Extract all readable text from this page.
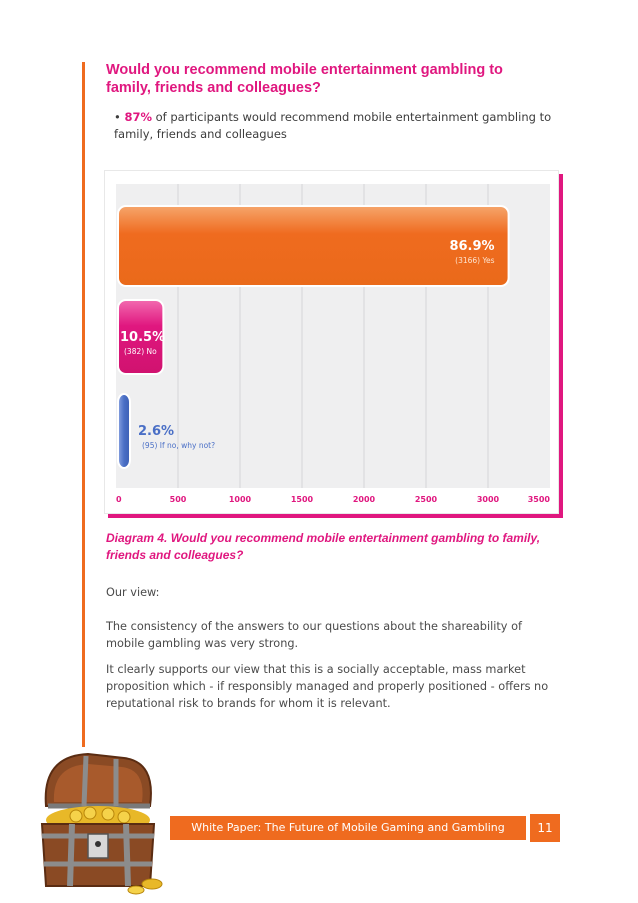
Would you recommend mobile entertainment gambling to family, friends and colleagues?

• 87% of participants would recommend mobile entertainment gambling to family, friends and colleagues

86.9%
(3166) Yes
10.5%
(382) No
2.6%
(95) If no, why not?
0	500	1000	1500	2000	2500	3000	3500

Diagram 4. Would you recommend mobile entertainment gambling to family, friends and colleagues?

Our view:

The consistency of the answers to our questions about the shareability of mobile gambling was very strong.

It clearly supports our view that this is a socially acceptable, mass market proposition which - if responsibly managed and properly positioned - offers no reputational risk to brands for whom it is relevant.

White Paper: The Future of Mobile Gaming and Gambling	11
